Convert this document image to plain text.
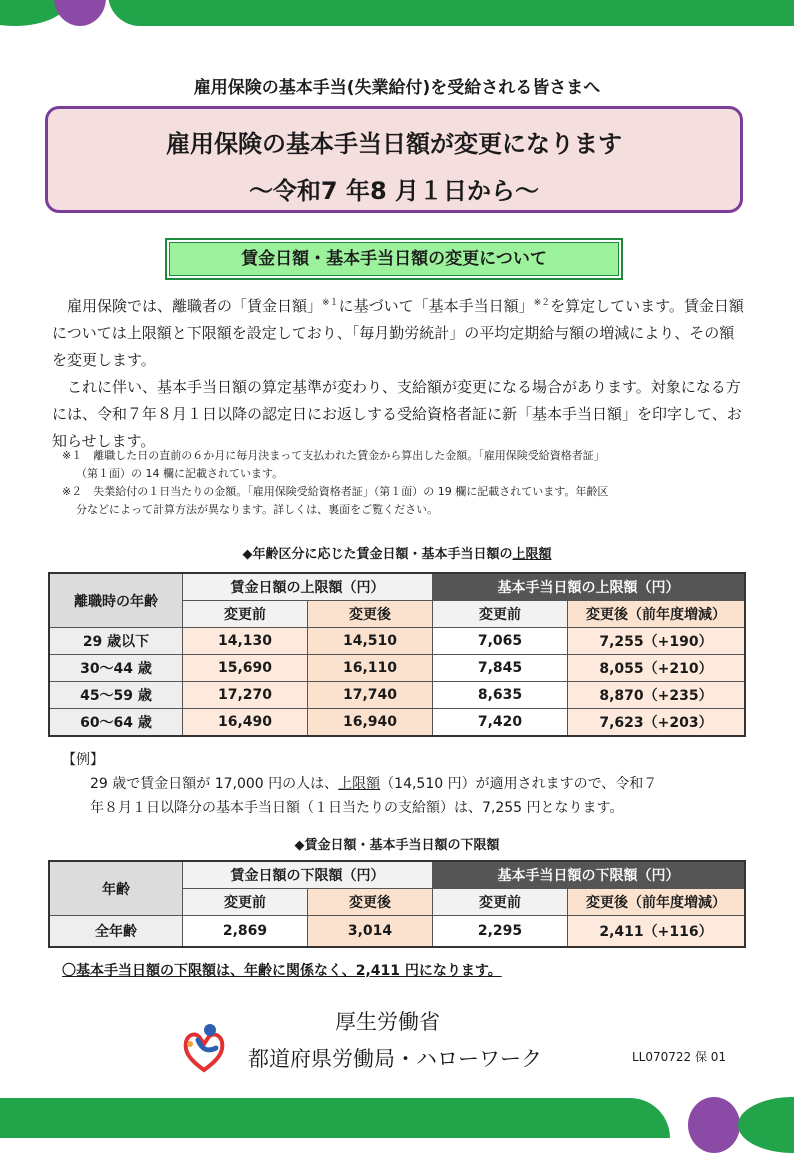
雇用保険の基本手当(失業給付)を受給される皆さまへ
雇用保険の基本手当日額が変更になります
～令和7 年8 月１日から～
賃金日額・基本手当日額の変更について

雇用保険では、離職者の「賃金日額」$^{※1}$に基づいて「基本手当日額」$^{※2}$を算定しています。賃金日額については上限額と下限額を設定しており、「毎月勤労統計」の平均定期給与額の増減により、その額を変更します。

これに伴い、基本手当日額の算定基準が変わり、支給額が変更になる場合があります。対象になる方には、令和７年８月１日以降の認定日にお返しする受給資格者証に新「基本手当日額」を印字して、お知らせします。

※１　離職した日の直前の６か月に毎月決まって支払われた賃金から算出した金額。「雇用保険受給資格者証」

（第１面）の 14 欄に記載されています。

※２　失業給付の１日当たりの金額。「雇用保険受給資格者証」（第１面）の 19 欄に記載されています。年齢区

分などによって計算方法が異なります。詳しくは、裏面をご覧ください。

◆年齢区分に応じた賃金日額・基本手当日額の上限額
離職時の年齢	賃金日額の上限額（円）		基本手当日額の上限額（円）	
	変更前	変更後	変更前	変更後（前年度増減）
29 歳以下	14,130	14,510	7,065	7,255（+190）
30～44 歳	15,690	16,110	7,845	8,055（+210）
45～59 歳	17,270	17,740	8,635	8,870（+235）
60～64 歳	16,490	16,940	7,420	7,623（+203）

【例】

29 歳で賃金日額が 17,000 円の人は、上限額（14,510 円）が適用されますので、令和７

年８月１日以降分の基本手当日額（１日当たりの支給額）は、7,255 円となります。

◆賃金日額・基本手当日額の下限額
年齢	賃金日額の下限額（円）		基本手当日額の下限額（円）	
	変更前	変更後	変更前	変更後（前年度増減）
全年齢	2,869	3,014	2,295	2,411（+116）
〇基本手当日額の下限額は、年齢に関係なく、2,411 円になります。
厚生労働省
都道府県労働局・ハローワーク	LL070722 保 01
